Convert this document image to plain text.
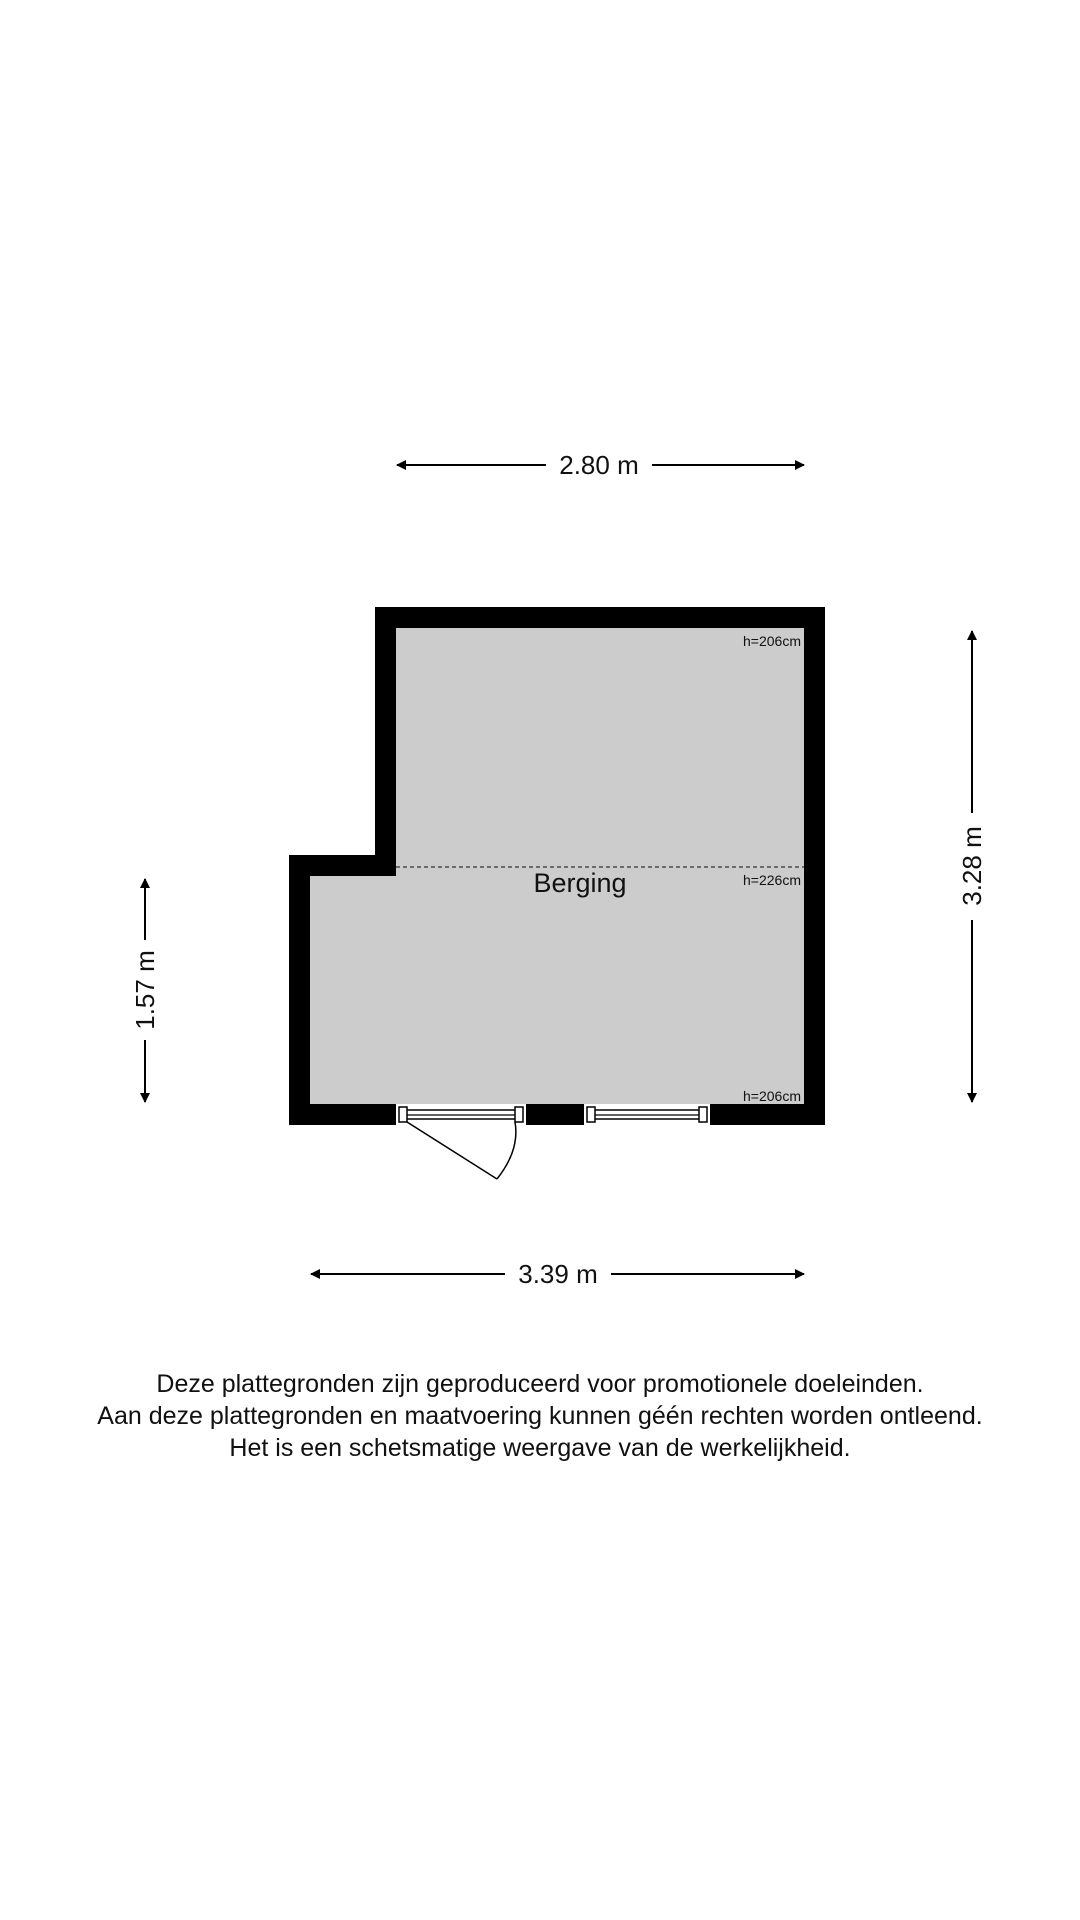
Berging
h=206cm
h=226cm
h=206cm
2.80 m
3.39 m
3.28 m
1.57 m
Deze plattegronden zijn geproduceerd voor promotionele doeleinden.
Aan deze plattegronden en maatvoering kunnen géén rechten worden ontleend.
Het is een schetsmatige weergave van de werkelijkheid.
